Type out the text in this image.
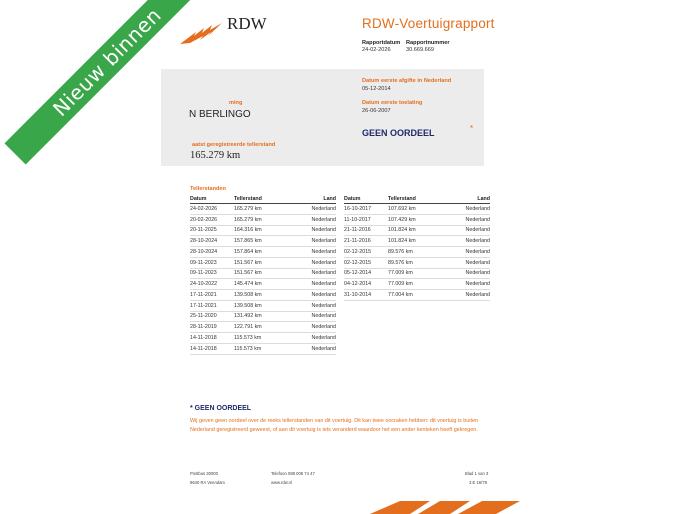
RDW	RDW-Voertuigrapport
Rapportdatum
24-02-2026
Rapportnummer
30.669.669
ming
N BERLINGO
aatst geregistreerde tellerstand
165.279 km
Datum eerste afgifte in Nederland
05-12-2014
Datum eerste toelating
26-06-2007
GEEN OORDEEL	*
Nieuw binnen
Tellerstanden
Datum	Tellerstand	Land
24-02-2026	165.279 km	Nederland
20-02-2026	165.279 km	Nederland
20-11-2025	164.316 km	Nederland
28-10-2024	157.865 km	Nederland
28-10-2024	157.864 km	Nederland
09-11-2023	151.567 km	Nederland
09-11-2023	151.567 km	Nederland
24-10-2022	145.474 km	Nederland
17-11-2021	139.508 km	Nederland
17-11-2021	139.508 km	Nederland
25-11-2020	131.492 km	Nederland
28-11-2019	122.791 km	Nederland
14-11-2018	115.573 km	Nederland
14-11-2018	115.573 km	Nederland
Datum	Tellerstand	Land
16-10-2017	107.692 km	Nederland
11-10-2017	107.429 km	Nederland
21-11-2016	101.824 km	Nederland
21-11-2016	101.824 km	Nederland
02-12-2015	89.576 km	Nederland
02-12-2015	89.576 km	Nederland
05-12-2014	77.009 km	Nederland
04-12-2014	77.009 km	Nederland
31-10-2014	77.004 km	Nederland
* GEEN OORDEEL
Wij geven geen oordeel over de reeks tellerstanden van dit voertuig. Dit kan twee oorzaken hebben: dit voertuig is buiten Nederland geregistreerd geweest, of aan dit voertuig is iets veranderd waardoor het een ander kenteken heeft gekregen.
Postbus 30000
9640 RA Veendam
Telefoon 088 008 74 47
www.rdw.nl
Blad 1 van 3
3.E 16/79
